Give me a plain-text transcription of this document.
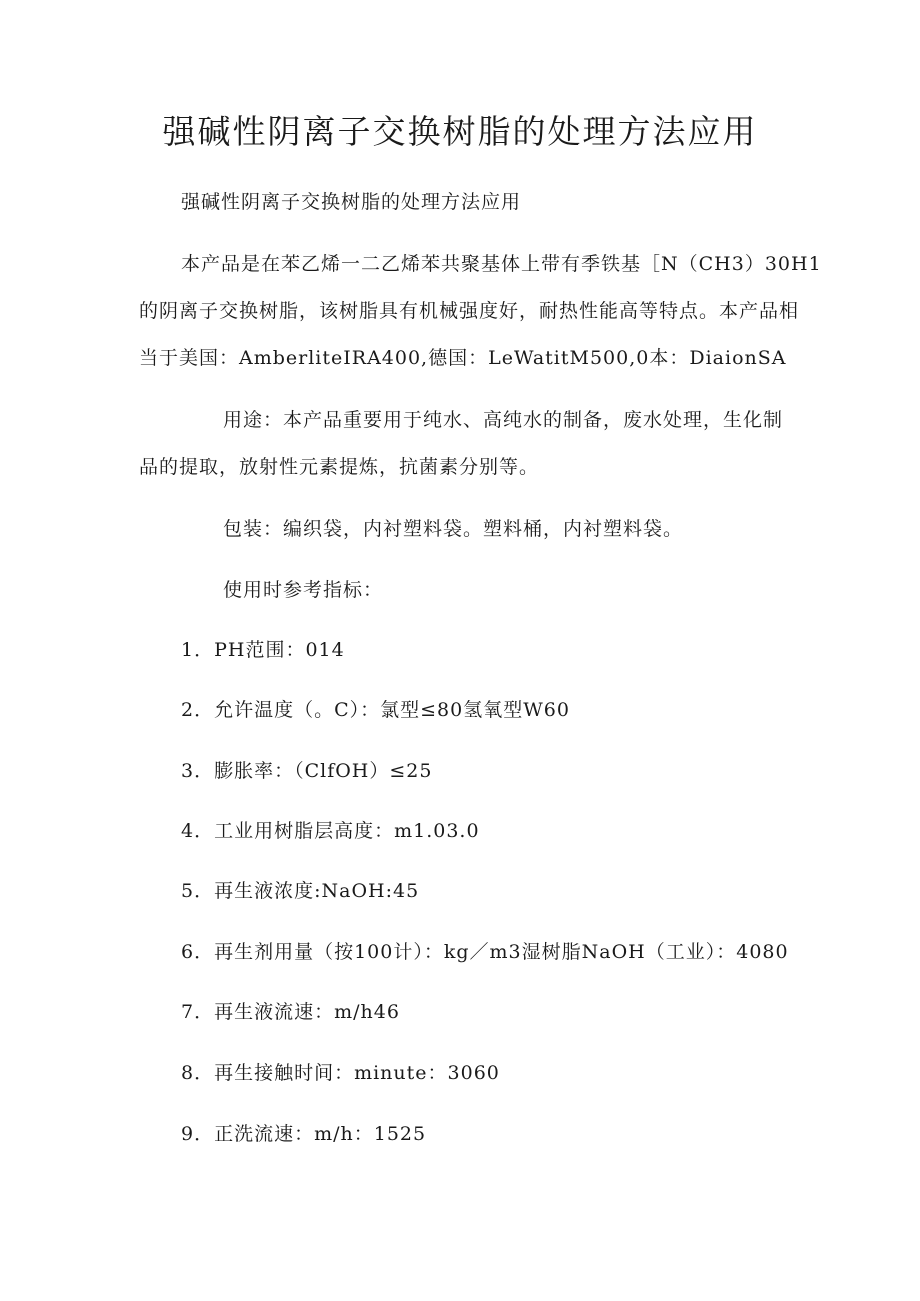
强碱性阴离子交换树脂的处理方法应用

强碱性阴离子交换树脂的处理方法应用

本产品是在苯乙烯一二乙烯苯共聚基体上带有季铁基［N（CH3）30H1

的阴离子交换树脂，该树脂具有机械强度好，耐热性能高等特点。本产品相

当于美国：AmberliteIRA400,德国：LeWatitM500,0本：DiaionSA

用途：本产品重要用于纯水、高纯水的制备，废水处理，生化制

品的提取，放射性元素提炼，抗菌素分别等。

包装：编织袋，内衬塑料袋。塑料桶，内衬塑料袋。

使用时参考指标：

1．PH范围：014

2．允许温度（。C）：氯型≤80氢氧型W60

3．膨胀率：（ClfOH）≤25

4．工业用树脂层高度：m1.03.0

5．再生液浓度:NaOH:45

6．再生剂用量（按100计）：kg／m3湿树脂NaOH（工业）：4080

7．再生液流速：m/h46

8．再生接触时间：minute：3060

9．正洗流速：m/h：1525
